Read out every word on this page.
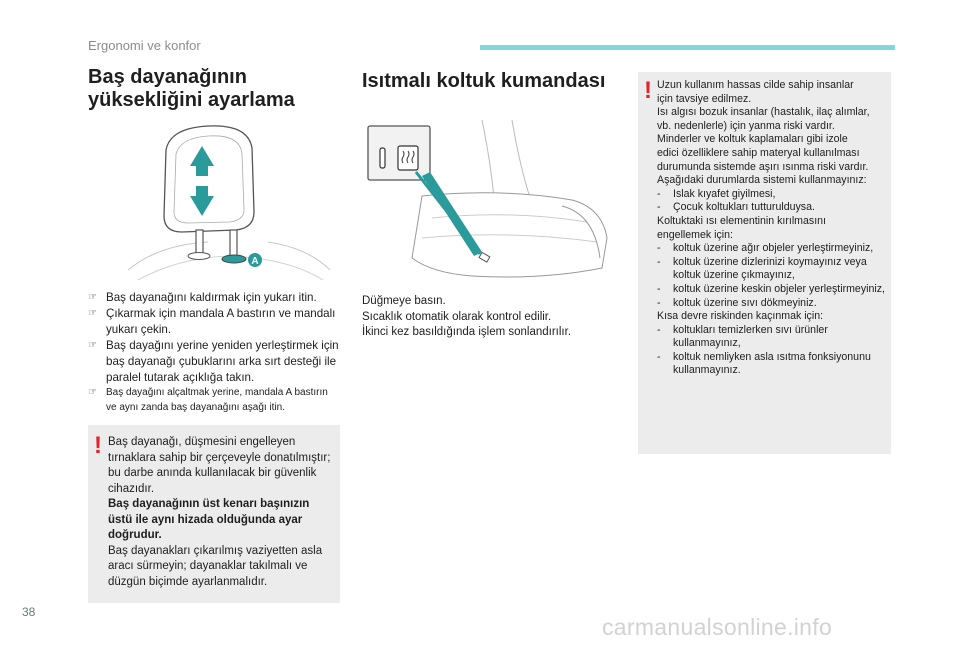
Ergonomi ve konfor
Baş dayanağının
yüksekliğini ayarlama
A
☞ Baş dayanağını kaldırmak için yukarı itin.
☞ Çıkarmak için mandala A bastırın ve mandalı yukarı çekin.
☞ Baş dayağını yerine yeniden yerleştirmek için baş dayanağı çubuklarını arka sırt desteği ile paralel tutarak açıklığa takın.
☞ Baş dayağını alçaltmak yerine, mandala A bastırın ve aynı zanda baş dayanağını aşağı itin.
! Baş dayanağı, düşmesini engelleyen tırnaklara sahip bir çerçeveyle donatılmıştır; bu darbe anında kullanılacak bir güvenlik cihazıdır.
Baş dayanağının üst kenarı başınızın üstü ile aynı hizada olduğunda ayar doğrudur.
Baş dayanakları çıkarılmış vaziyetten asla aracı sürmeyin; dayanaklar takılmalı ve düzgün biçimde ayarlanmalıdır.
Isıtmalı koltuk kumandası
Düğmeye basın.
Sıcaklık otomatik olarak kontrol edilir.
İkinci kez basıldığında işlem sonlandırılır.
! Uzun kullanım hassas cilde sahip insanlar

için tavsiye edilmez.

Isı algısı bozuk insanlar (hastalık, ilaç alımlar,

vb. nedenlerle) için yanma riski vardır.

Minderler ve koltuk kaplamaları gibi izole

edici özelliklere sahip materyal kullanılması

durumunda sistemde aşırı ısınma riski vardır.

Aşağıdaki durumlarda sistemi kullanmayınız:

- Islak kıyafet giyilmesi,

- Çocuk koltukları tutturulduysa.

Koltuktaki ısı elementinin kırılmasını

engellemek için:

- koltuk üzerine ağır objeler yerleştirmeyiniz,

- koltuk üzerine dizlerinizi koymayınız veya koltuk üzerine çıkmayınız,

- koltuk üzerine keskin objeler yerleştirmeyiniz,

- koltuk üzerine sıvı dökmeyiniz.

Kısa devre riskinden kaçınmak için:

- koltukları temizlerken sıvı ürünler kullanmayınız,

- koltuk nemliyken asla ısıtma fonksiyonunu kullanmayınız.

38
carmanualsonline.info
